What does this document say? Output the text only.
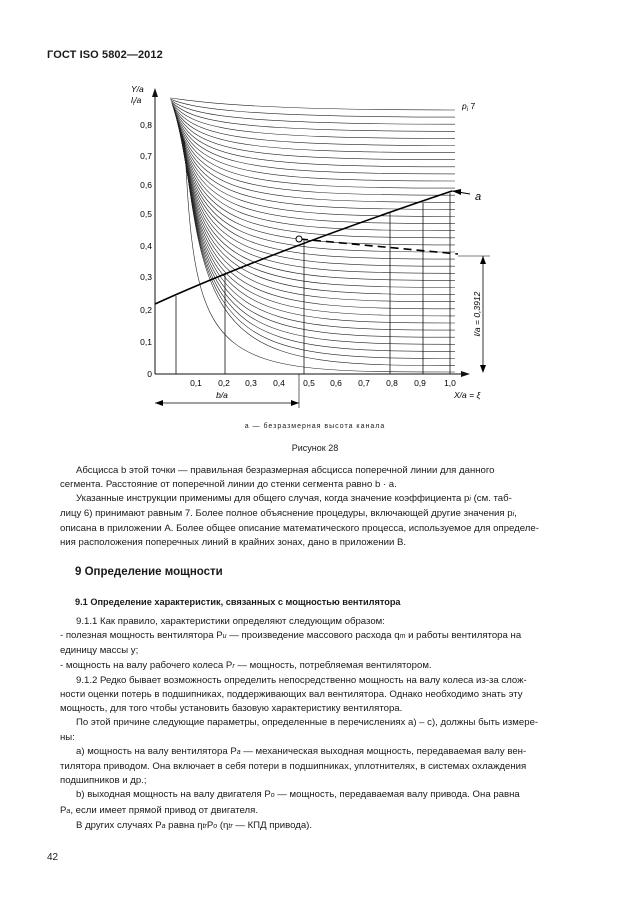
ГОСТ ISO 5802—2012
Y/a
$l_i/a$
0,8
0,7
0,6
0,5
0,4
0,3
0,2
0,1
0
0,1 0,2 0,3 0,4 0,5 0,6 0,7 0,8 0,9 1,0
X/a = ξ
b/a
$p_i$ 7
a
l/a = 0,3912
а — безразмерная высота канала
Рисунок 28

Абсцисса b этой точки — правильная безразмерная абсцисса поперечной линии для данного

сегмента. Расстояние от поперечной линии до стенки сегмента равно b · a.

Указанные инструкции применимы для общего случая, когда значение коэффициента pi (см. таб-

лицу 6) принимают равным 7. Более полное объяснение процедуры, включающей другие значения pi,

описана в приложении А. Более общее описание математического процесса, используемое для определе-

ния расположения поперечных линий в крайних зонах, дано в приложении В.

9 Определение мощности
9.1 Определение характеристик, связанных с мощностью вентилятора

9.1.1 Как правило, характеристики определяют следующим образом:

- полезная мощность вентилятора Pu — произведение массового расхода qm и работы вентилятора на

единицу массы у;

- мощность на валу рабочего колеса Pr — мощность, потребляемая вентилятором.

9.1.2 Редко бывает возможность определить непосредственно мощность на валу колеса из-за слож-

ности оценки потерь в подшипниках, поддерживающих вал вентилятора. Однако необходимо знать эту

мощность, для того чтобы установить базовую характеристику вентилятора.

По этой причине следующие параметры, определенные в перечислениях а) – с), должны быть измере-

ны:

а) мощность на валу вентилятора Pa — механическая выходная мощность, передаваемая валу вен-

тилятора приводом. Она включает в себя потери в подшипниках, уплотнителях, в системах охлаждения

подшипников и др.;

b) выходная мощность на валу двигателя Po — мощность, передаваемая валу привода. Она равна

Pa, если имеет прямой привод от двигателя.

В других случаях Pa равна ηtrPo (ηtr — КПД привода).

42
